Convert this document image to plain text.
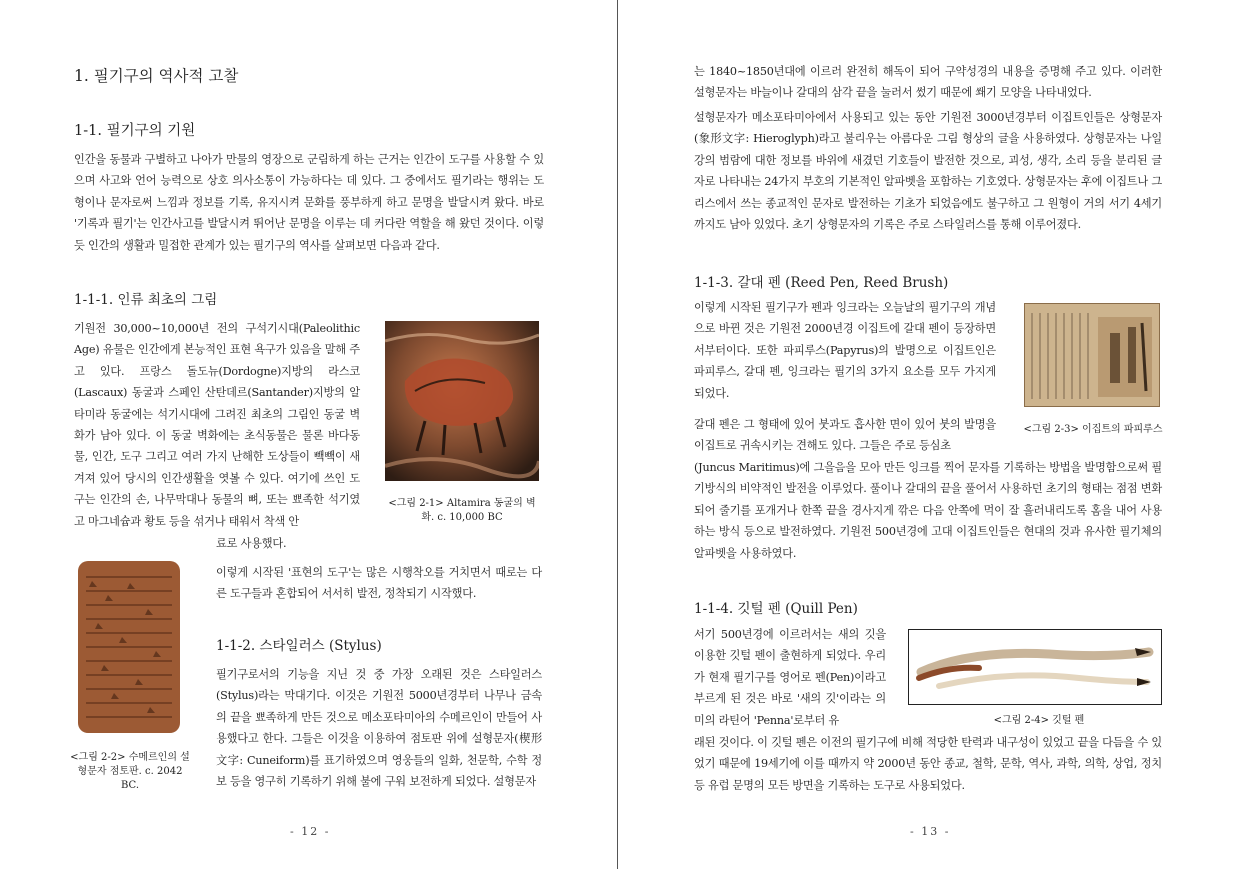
1. 필기구의 역사적 고찰
1-1. 필기구의 기원
인간을 동물과 구별하고 나아가 만물의 영장으로 군림하게 하는 근거는 인간이 도구를 사용할 수 있으며 사고와 언어 능력으로 상호 의사소통이 가능하다는 데 있다. 그 중에서도 필기라는 행위는 도형이나 문자로써 느낌과 정보를 기록, 유지시켜 문화를 풍부하게 하고 문명을 발달시켜 왔다. 바로 '기록과 필기'는 인간사고를 발달시켜 뛰어난 문명을 이루는 데 커다란 역할을 해 왔던 것이다. 이렇듯 인간의 생활과 밀접한 관계가 있는 필기구의 역사를 살펴보면 다음과 같다.
1-1-1. 인류 최초의 그림
기원전 30,000~10,000년 전의 구석기시대(Paleolithic Age) 유물은 인간에게 본능적인 표현 욕구가 있음을 말해 주고 있다. 프랑스 돌도뉴(Dordogne)지방의 라스코(Lascaux) 동굴과 스페인 산탄데르(Santander)지방의 알타미라 동굴에는 석기시대에 그려진 최초의 그림인 동굴 벽화가 남아 있다. 이 동굴 벽화에는 초식동물은 물론 바다동물, 인간, 도구 그리고 여러 가지 난해한 도상들이 빽빽이 새겨져 있어 당시의 인간생활을 엿볼 수 있다. 여기에 쓰인 도구는 인간의 손, 나무막대나 동물의 뼈, 또는 뾰족한 석기였고 마그네슘과 황토 등을 섞거나 태워서 착색 안
<그림 2-1> Altamira 동굴의 벽화. c. 10,000 BC
료로 사용했다.
<그림 2-2> 수메르인의 설형문자 점토판. c. 2042 BC.
이렇게 시작된 '표현의 도구'는 많은 시행착오를 거치면서 때로는 다른 도구들과 혼합되어 서서히 발전, 정착되기 시작했다.
1-1-2. 스타일러스 (Stylus)
필기구로서의 기능을 지닌 것 중 가장 오래된 것은 스타일러스(Stylus)라는 막대기다. 이것은 기원전 5000년경부터 나무나 금속의 끝을 뾰족하게 만든 것으로 메소포타미아의 수메르인이 만들어 사용했다고 한다. 그들은 이것을 이용하여 점토판 위에 설형문자(楔形文字: Cuneiform)를 표기하였으며 영웅들의 일화, 천문학, 수학 정보 등을 영구히 기록하기 위해 불에 구워 보전하게 되었다. 설형문자
- 12 -
는 1840~1850년대에 이르러 완전히 해독이 되어 구약성경의 내용을 증명해 주고 있다. 이러한 설형문자는 바늘이나 갈대의 삼각 끝을 눌러서 썼기 때문에 쐐기 모양을 나타내었다.
설형문자가 메소포타미아에서 사용되고 있는 동안 기원전 3000년경부터 이집트인들은 상형문자(象形文字: Hieroglyph)라고 불리우는 아름다운 그림 형상의 글을 사용하였다. 상형문자는 나일강의 범람에 대한 정보를 바위에 새겼던 기호들이 발전한 것으로, 괴성, 생각, 소리 등을 분리된 글자로 나타내는 24가지 부호의 기본적인 알파벳을 포함하는 기호였다. 상형문자는 후에 이집트나 그리스에서 쓰는 종교적인 문자로 발전하는 기초가 되었음에도 불구하고 그 원형이 거의 서기 4세기까지도 남아 있었다. 초기 상형문자의 기록은 주로 스타일러스를 통해 이루어졌다.
1-1-3. 갈대 펜 (Reed Pen, Reed Brush)
이렇게 시작된 필기구가 펜과 잉크라는 오늘날의 필기구의 개념으로 바뀐 것은 기원전 2000년경 이집트에 갈대 펜이 등장하면서부터이다. 또한 파피루스(Papyrus)의 발명으로 이집트인은 파피루스, 갈대 펜, 잉크라는 필기의 3가지 요소를 모두 가지게 되었다.
<그림 2-3> 이집트의 파피루스
갈대 펜은 그 형태에 있어 붓과도 흡사한 면이 있어 붓의 발명을 이집트로 귀속시키는 견해도 있다. 그들은 주로 등심초
(Juncus Maritimus)에 그을음을 모아 만든 잉크를 찍어 문자를 기록하는 방법을 발명함으로써 필기방식의 비약적인 발전을 이루었다. 풀이나 갈대의 끝을 풀어서 사용하던 초기의 형태는 점점 변화되어 줄기를 포개거나 한쪽 끝을 경사지게 깎은 다음 안쪽에 먹이 잘 흘러내리도록 홈을 내어 사용하는 방식 등으로 발전하였다. 기원전 500년경에 고대 이집트인들은 현대의 것과 유사한 필기체의 알파벳을 사용하였다.
1-1-4. 깃털 펜 (Quill Pen)
서기 500년경에 이르러서는 새의 깃을 이용한 깃털 펜이 출현하게 되었다. 우리가 현재 필기구를 영어로 펜(Pen)이라고 부르게 된 것은 바로 '새의 깃'이라는 의미의 라틴어 'Penna'로부터 유	<그림 2-4> 깃털 펜
래된 것이다. 이 깃털 펜은 이전의 필기구에 비해 적당한 탄력과 내구성이 있었고 끝을 다듬을 수 있었기 때문에 19세기에 이를 때까지 약 2000년 동안 종교, 철학, 문학, 역사, 과학, 의학, 상업, 정치 등 유럽 문명의 모든 방면을 기록하는 도구로 사용되었다.
- 13 -
